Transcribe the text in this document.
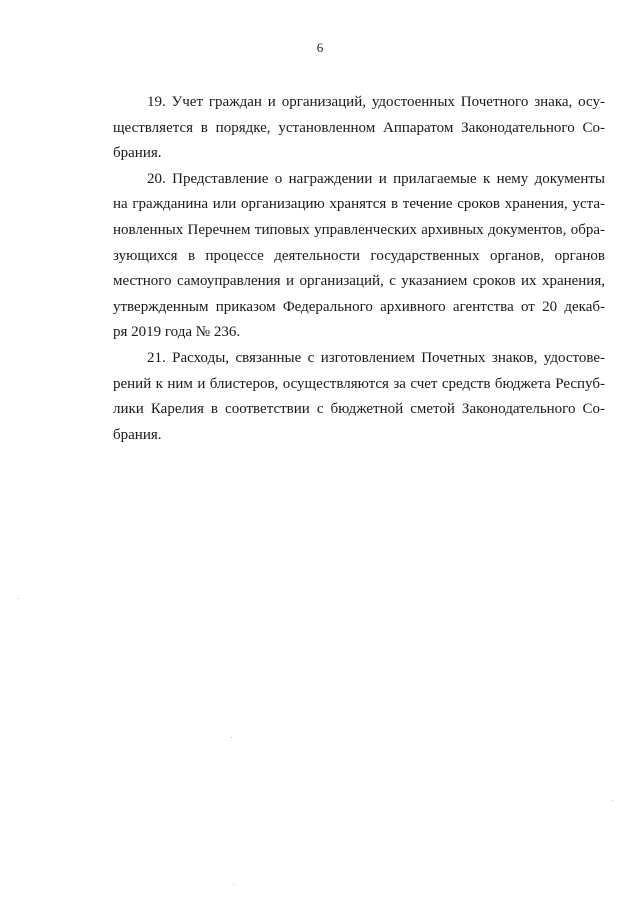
6

19. Учет граждан и организаций, удостоенных Почетного знака, осу-
ществляется в порядке, установленном Аппаратом Законодательного Со-
брания.

20. Представление о награждении и прилагаемые к нему документы
на гражданина или организацию хранятся в течение сроков хранения, уста-
новленных Перечнем типовых управленческих архивных документов, обра-
зующихся в процессе деятельности государственных органов, органов
местного самоуправления и организаций, с указанием сроков их хранения,
утвержденным приказом Федерального архивного агентства от 20 декаб-
ря 2019 года № 236.

21. Расходы, связанные с изготовлением Почетных знаков, удостове-
рений к ним и блистеров, осуществляются за счет средств бюджета Респуб-
лики Карелия в соответствии с бюджетной сметой Законодательного Со-
брания.
